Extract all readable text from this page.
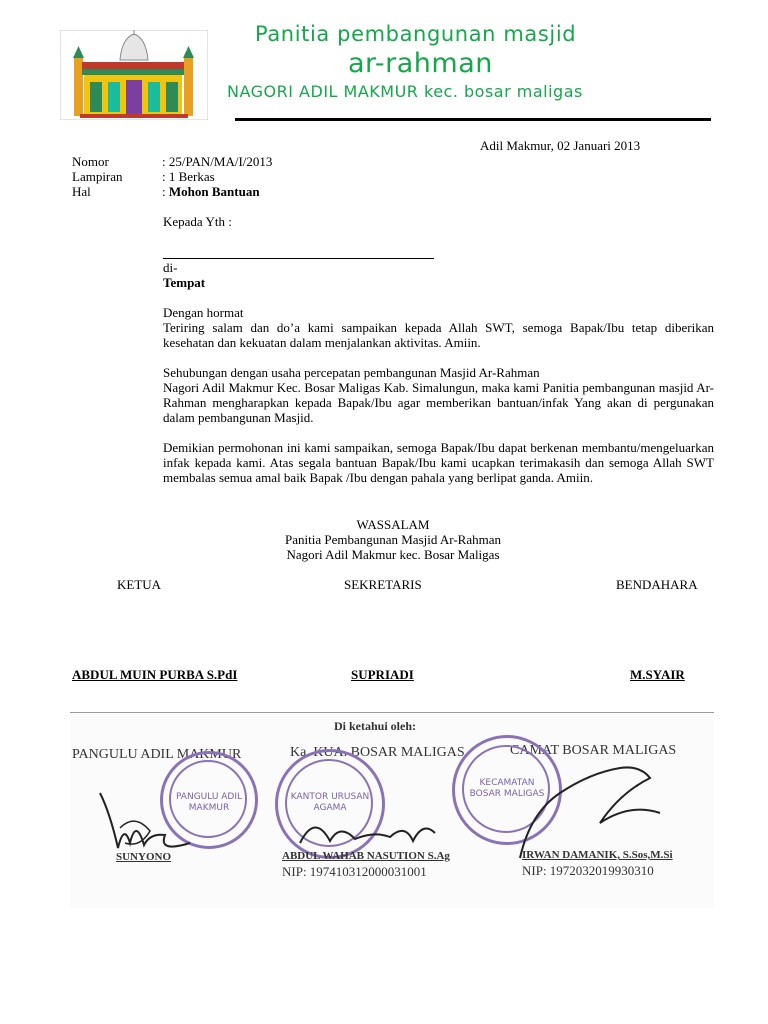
Panitia pembangunan masjid
ar-rahman
NAGORI ADIL MAKMUR kec. bosar maligas
Adil Makmur, 02 Januari 2013
Nomor	: 25/PAN/MA/I/2013
Lampiran	: 1 Berkas
Hal	: Mohon Bantuan
Kepada Yth :
di-
Tempat
Dengan hormat
Teriring salam dan do’a kami sampaikan kepada Allah SWT, semoga Bapak/Ibu tetap diberikan kesehatan dan kekuatan dalam menjalankan aktivitas. Amiin.
Sehubungan dengan usaha percepatan pembangunan Masjid Ar-Rahman
Nagori Adil Makmur Kec. Bosar Maligas Kab. Simalungun, maka kami Panitia pembangunan masjid Ar-Rahman mengharapkan kepada Bapak/Ibu agar memberikan bantuan/infak Yang akan di pergunakan dalam pembangunan Masjid.
Demikian permohonan ini kami sampaikan, semoga Bapak/Ibu dapat berkenan membantu/mengeluarkan infak kepada kami. Atas segala bantuan Bapak/Ibu kami ucapkan terimakasih dan semoga Allah SWT membalas semua amal baik Bapak /Ibu dengan pahala yang berlipat ganda. Amiin.
WASSALAM
Panitia Pembangunan Masjid Ar-Rahman
Nagori Adil Makmur kec. Bosar Maligas
KETUA	SEKRETARIS	BENDAHARA
ABDUL MUIN PURBA S.PdI	SUPRIADI	M.SYAIR
Di ketahui oleh:
PANGULU ADIL MAKMUR	Ka. KUA. BOSAR MALIGAS	CAMAT BOSAR MALIGAS
PANGULU ADIL MAKMUR
KANTOR URUSAN AGAMA
KECAMATAN BOSAR MALIGAS
SUNYONO	ABDUL WAHAB NASUTION S.Ag
NIP: 197410312000031001
IRWAN DAMANIK, S.Sos,M.Si
NIP: 1972032019930310
